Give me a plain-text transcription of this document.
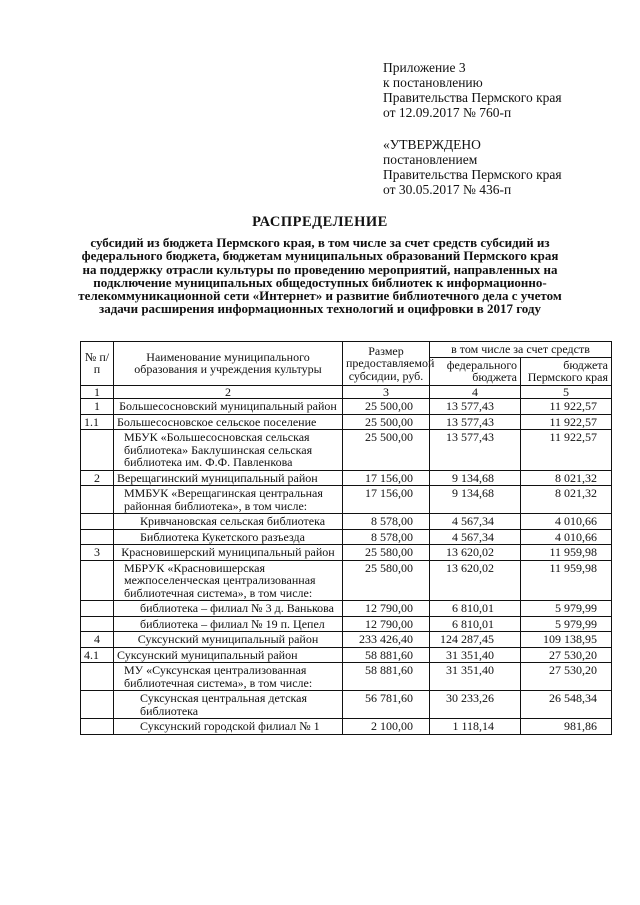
Приложение 3
к постановлению
Правительства Пермского края
от 12.09.2017 № 760-п
«УТВЕРЖДЕНО
постановлением
Правительства Пермского края
от 30.05.2017 № 436-п
РАСПРЕДЕЛЕНИЕ
субсидий из бюджета Пермского края, в том числе за счет средств субсидий из федерального бюджета, бюджетам муниципальных образований Пермского края на поддержку отрасли культуры по проведению мероприятий, направленных на подключение муниципальных общедоступных библиотек к информационно-телекоммуникационной сети «Интернет» и развитие библиотечного дела с учетом задачи расширения информационных технологий и оцифровки в 2017 году
№ п/п	Наименование муниципального образования и учреждения культуры	Размер предоставляемой субсидии, руб.	в том числе за счет средств	
			федерального бюджета	бюджета Пермского края
1	2	3	4	5
1	Большесосновский муниципальный район	25 500,00	13 577,43	11 922,57
1.1	Большесосновское сельское поселение	25 500,00	13 577,43	11 922,57
	МБУК «Большесосновская сельская библиотека» Баклушинская сельская библиотека им. Ф.Ф. Павленкова	25 500,00	13 577,43	11 922,57
2	Верещагинский муниципальный район	17 156,00	9 134,68	8 021,32
	ММБУК «Верещагинская центральная районная библиотека», в том числе:	17 156,00	9 134,68	8 021,32
	Кривчановская сельская библиотека	8 578,00	4 567,34	4 010,66
	Библиотека Кукетского разъезда	8 578,00	4 567,34	4 010,66
3	Красновишерский муниципальный район	25 580,00	13 620,02	11 959,98
	МБРУК «Красновишерская межпоселенческая централизованная библиотечная система», в том числе:	25 580,00	13 620,02	11 959,98
	библиотека – филиал № 3 д. Ванькова	12 790,00	6 810,01	5 979,99
	библиотека – филиал № 19 п. Цепел	12 790,00	6 810,01	5 979,99
4	Суксунский муниципальный район	233 426,40	124 287,45	109 138,95
4.1	Суксунский муниципальный район	58 881,60	31 351,40	27 530,20
	МУ «Суксунская централизованная библиотечная система», в том числе:	58 881,60	31 351,40	27 530,20
	Суксунская центральная детская библиотека	56 781,60	30 233,26	26 548,34
	Суксунский городской филиал № 1	2 100,00	1 118,14	981,86
